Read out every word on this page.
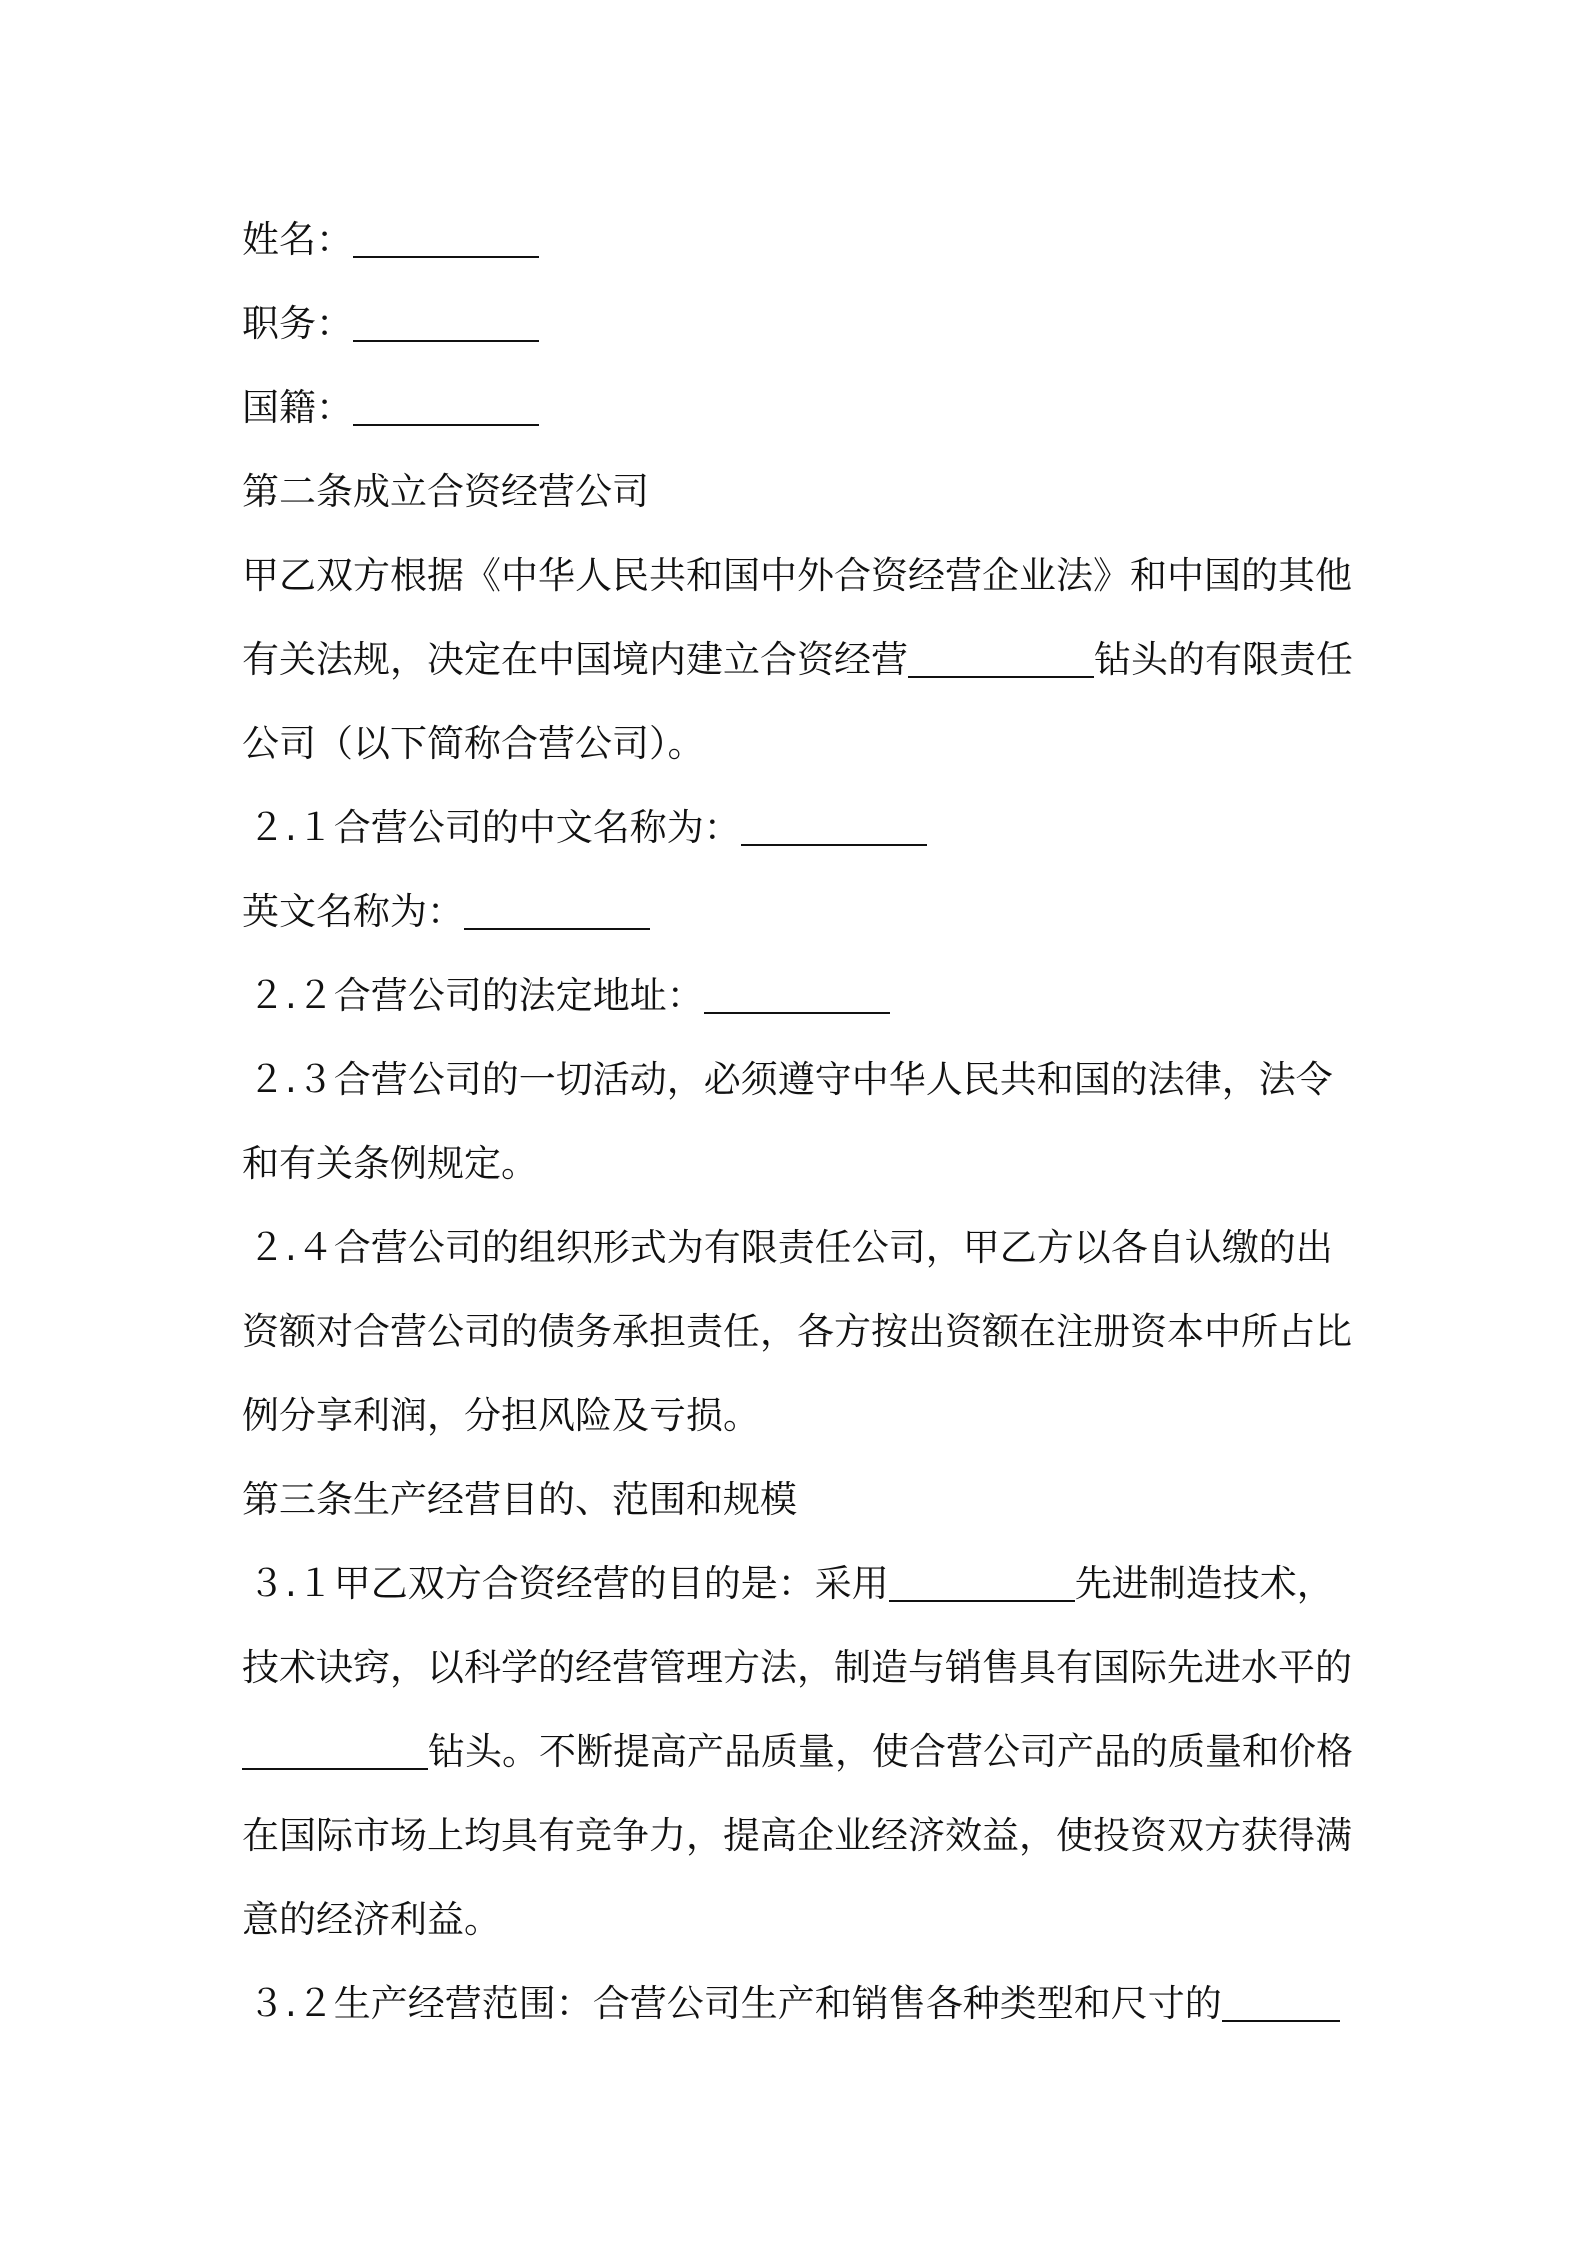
姓名：
职务：
国籍：
第二条成立合资经营公司
甲乙双方根据《中华人民共和国中外合资经营企业法》和中国的其他
有关法规，决定在中国境内建立合资经营	钻头的有限责任
公司（以下简称合营公司）。
２.１合营公司的中文名称为：
英文名称为：
２.２合营公司的法定地址：
２.３合营公司的一切活动，必须遵守中华人民共和国的法律，法令
和有关条例规定。
２.４合营公司的组织形式为有限责任公司，甲乙方以各自认缴的出
资额对合营公司的债务承担责任，各方按出资额在注册资本中所占比
例分享利润，分担风险及亏损。
第三条生产经营目的、范围和规模
３.１甲乙双方合资经营的目的是：采用	先进制造技术，
技术诀窍，以科学的经营管理方法，制造与销售具有国际先进水平的
钻头。不断提高产品质量，使合营公司产品的质量和价格
在国际市场上均具有竞争力，提高企业经济效益，使投资双方获得满
意的经济利益。
３.２生产经营范围：合营公司生产和销售各种类型和尺寸的
